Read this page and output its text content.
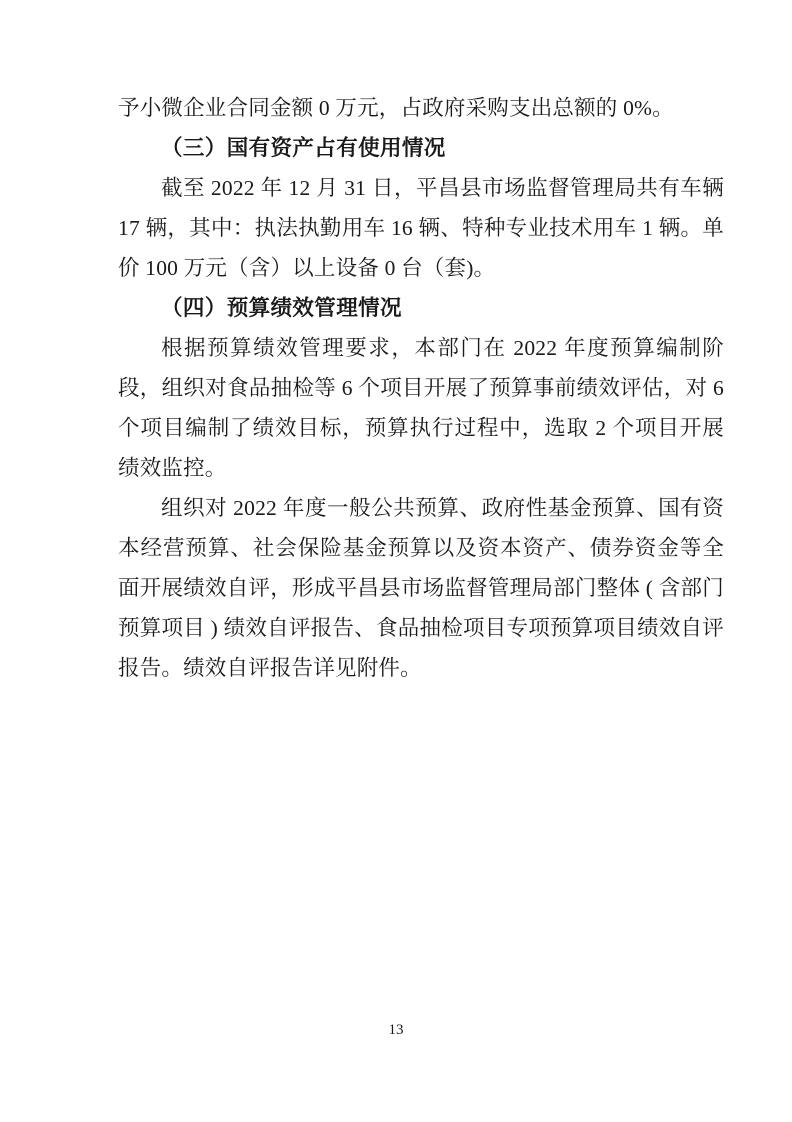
予小微企业合同金额 0 万元，占政府采购支出总额的 0%。

（三）国有资产占有使用情况

截至 2022 年 12 月 31 日，平昌县市场监督管理局共有车辆 17 辆，其中：执法执勤用车 16 辆、特种专业技术用车 1 辆。单价 100 万元（含）以上设备 0 台（套)。

（四）预算绩效管理情况

根据预算绩效管理要求，本部门在 2022 年度预算编制阶段，组织对食品抽检等 6 个项目开展了预算事前绩效评估，对 6 个项目编制了绩效目标，预算执行过程中，选取 2 个项目开展绩效监控。

组织对 2022 年度一般公共预算、政府性基金预算、国有资本经营预算、社会保险基金预算以及资本资产、债券资金等全面开展绩效自评，形成平昌县市场监督管理局部门整体 ( 含部门预算项目 ) 绩效自评报告、食品抽检项目专项预算项目绩效自评报告。绩效自评报告详见附件。

13
